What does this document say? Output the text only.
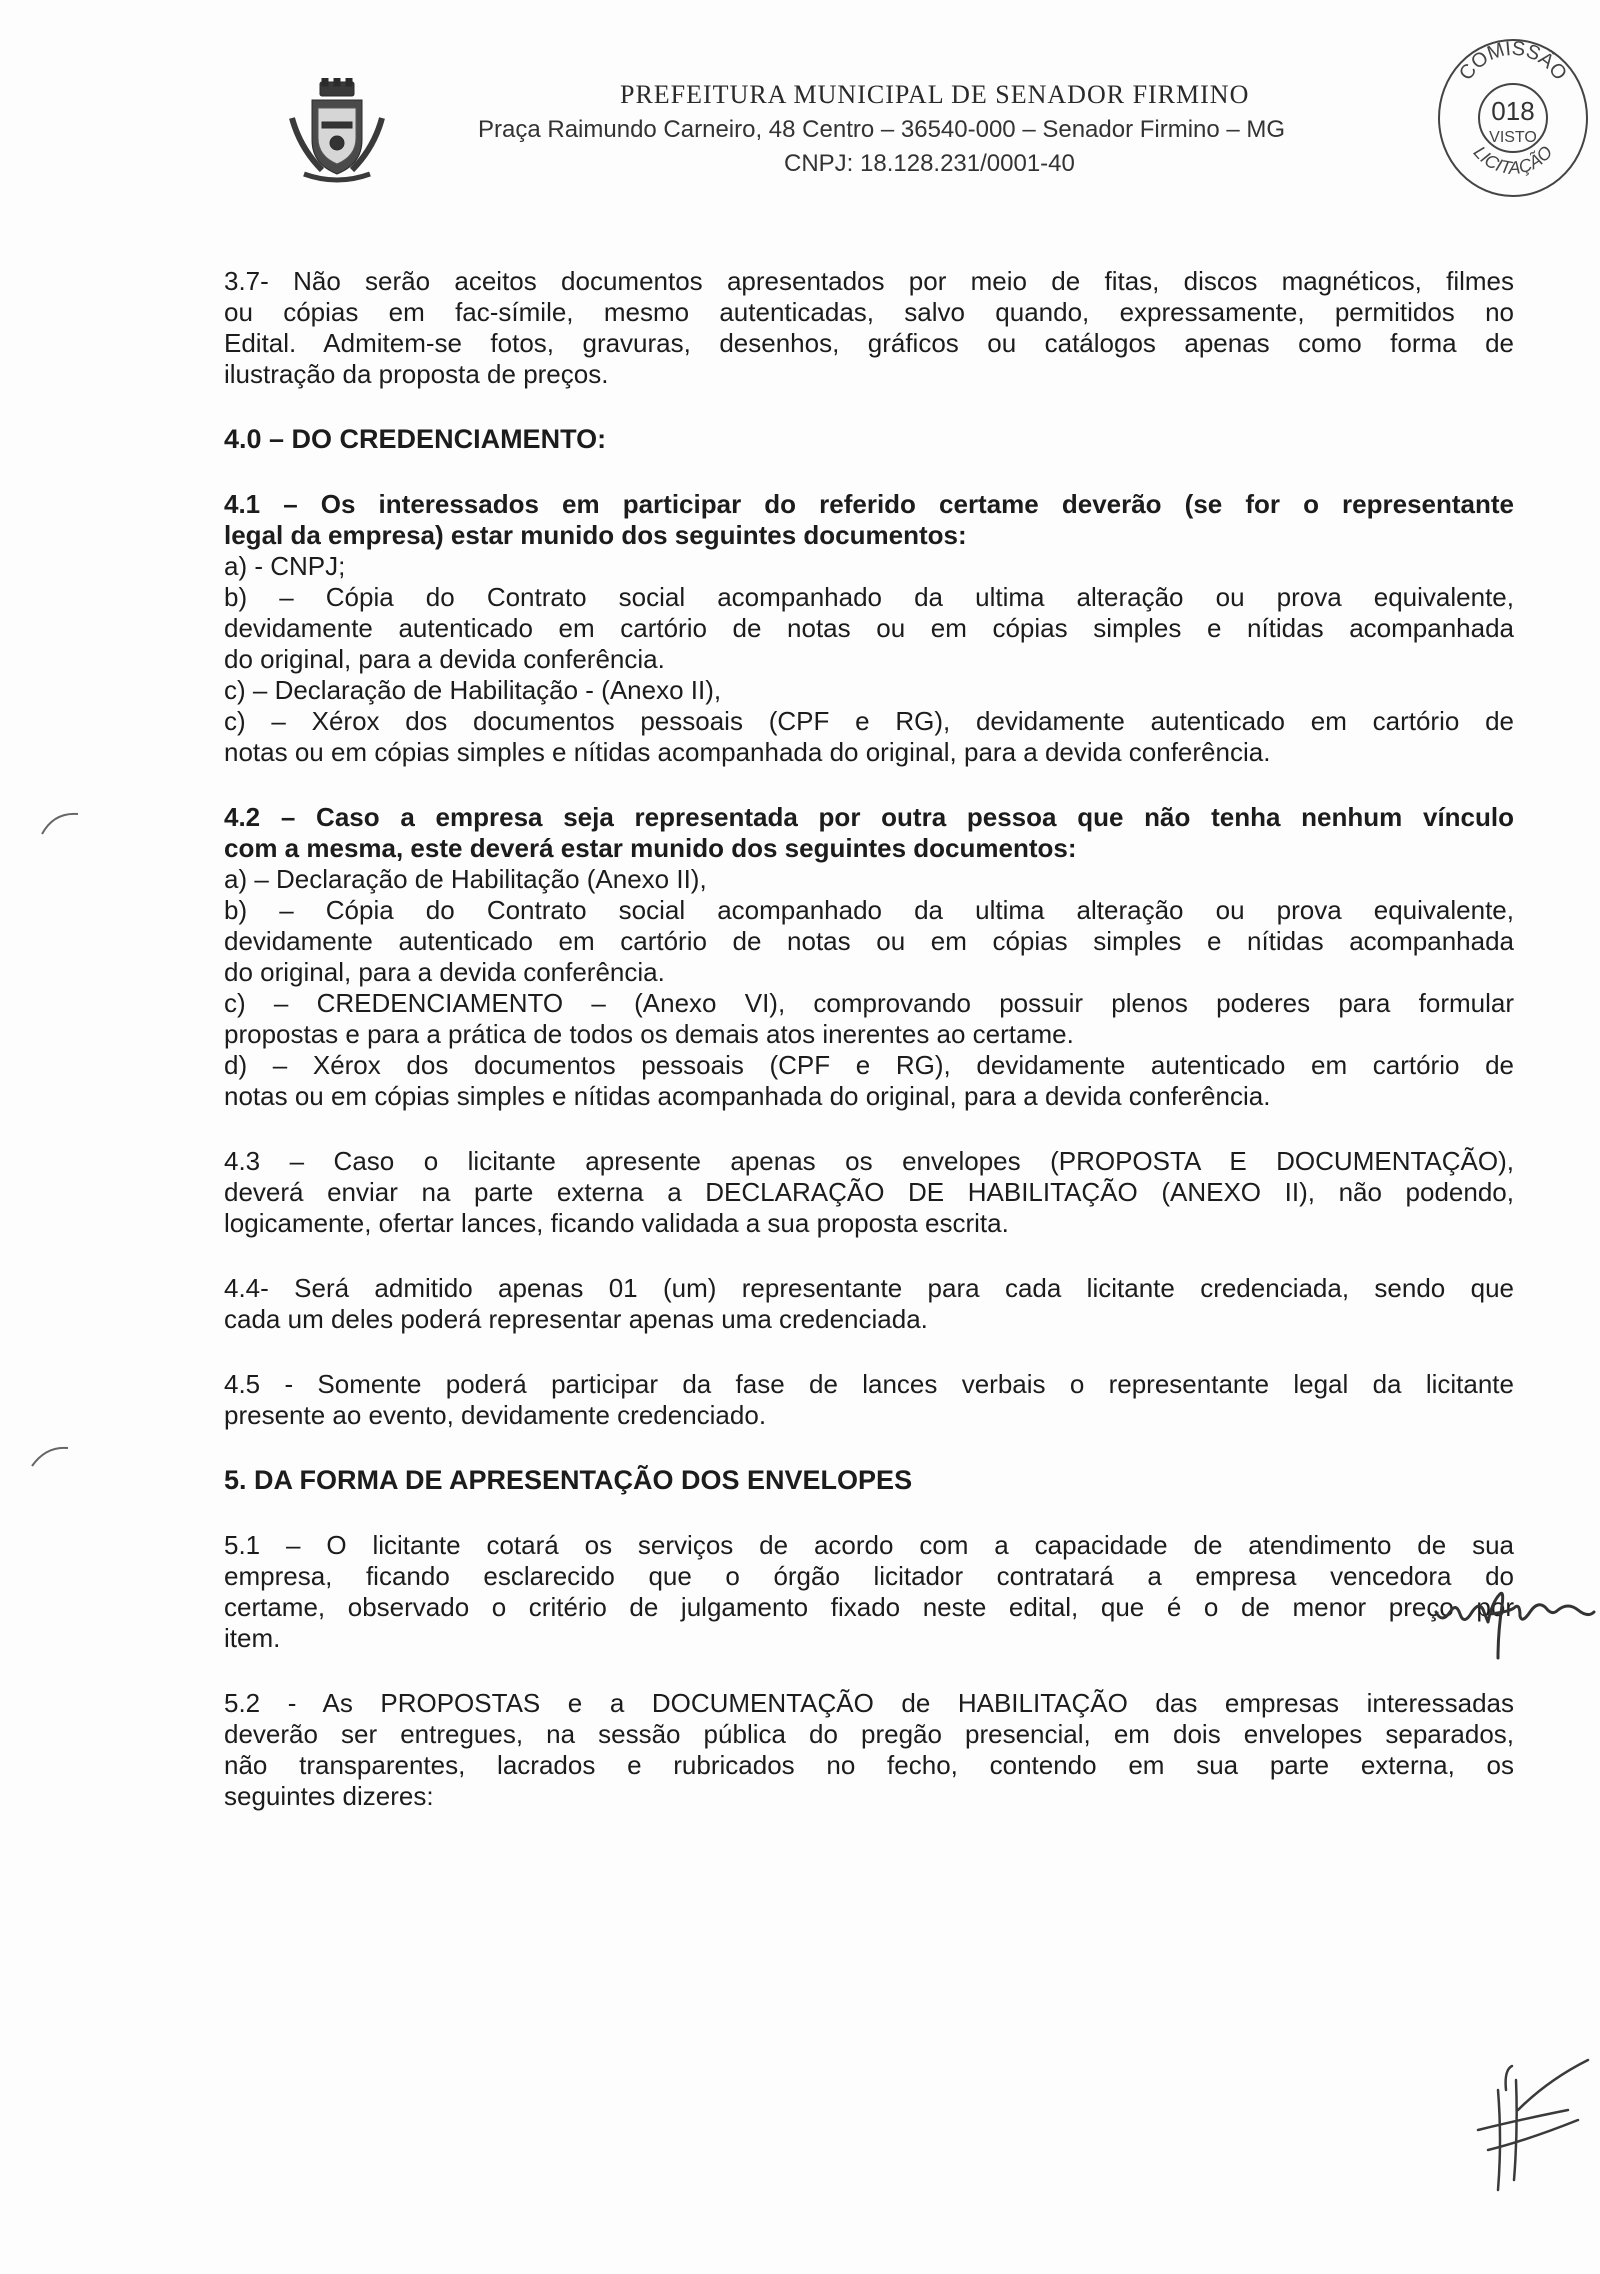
PREFEITURA MUNICIPAL DE SENADOR FIRMINO
Praça Raimundo Carneiro, 48 Centro – 36540-000 – Senador Firmino – MG
CNPJ: 18.128.231/0001-40
COMISSÃO
018
VISTO
LICITAÇÃO
3.7- Não serão aceitos documentos apresentados por meio de fitas, discos magnéticos, filmes
ou cópias em fac-símile, mesmo autenticadas, salvo quando, expressamente, permitidos no
Edital. Admitem-se fotos, gravuras, desenhos, gráficos ou catálogos apenas como forma de
ilustração da proposta de preços.
4.0 – DO CREDENCIAMENTO:
4.1 – Os interessados em participar do referido certame deverão (se for o representante
legal da empresa) estar munido dos seguintes documentos:
a) - CNPJ;
b) – Cópia do Contrato social acompanhado da ultima alteração ou prova equivalente,
devidamente autenticado em cartório de notas ou em cópias simples e nítidas acompanhada
do original, para a devida conferência.
c) – Declaração de Habilitação - (Anexo II),
c) – Xérox dos documentos pessoais (CPF e RG), devidamente autenticado em cartório de
notas ou em cópias simples e nítidas acompanhada do original, para a devida conferência.
4.2 – Caso a empresa seja representada por outra pessoa que não tenha nenhum vínculo
com a mesma, este deverá estar munido dos seguintes documentos:
a) – Declaração de Habilitação (Anexo II),
b) – Cópia do Contrato social acompanhado da ultima alteração ou prova equivalente,
devidamente autenticado em cartório de notas ou em cópias simples e nítidas acompanhada
do original, para a devida conferência.
c) – CREDENCIAMENTO – (Anexo VI), comprovando possuir plenos poderes para formular
propostas e para a prática de todos os demais atos inerentes ao certame.
d) – Xérox dos documentos pessoais (CPF e RG), devidamente autenticado em cartório de
notas ou em cópias simples e nítidas acompanhada do original, para a devida conferência.
4.3 – Caso o licitante apresente apenas os envelopes (PROPOSTA E DOCUMENTAÇÃO),
deverá enviar na parte externa a DECLARAÇÃO DE HABILITAÇÃO (ANEXO II), não podendo,
logicamente, ofertar lances, ficando validada a sua proposta escrita.
4.4- Será admitido apenas 01 (um) representante para cada licitante credenciada, sendo que
cada um deles poderá representar apenas uma credenciada.
4.5 - Somente poderá participar da fase de lances verbais o representante legal da licitante
presente ao evento, devidamente credenciado.
5. DA FORMA DE APRESENTAÇÃO DOS ENVELOPES
5.1 – O licitante cotará os serviços de acordo com a capacidade de atendimento de sua
empresa, ficando esclarecido que o órgão licitador contratará a empresa vencedora do
certame, observado o critério de julgamento fixado neste edital, que é o de menor preço por
item.
5.2 - As PROPOSTAS e a DOCUMENTAÇÃO de HABILITAÇÃO das empresas interessadas
deverão ser entregues, na sessão pública do pregão presencial, em dois envelopes separados,
não transparentes, lacrados e rubricados no fecho, contendo em sua parte externa, os
seguintes dizeres:
